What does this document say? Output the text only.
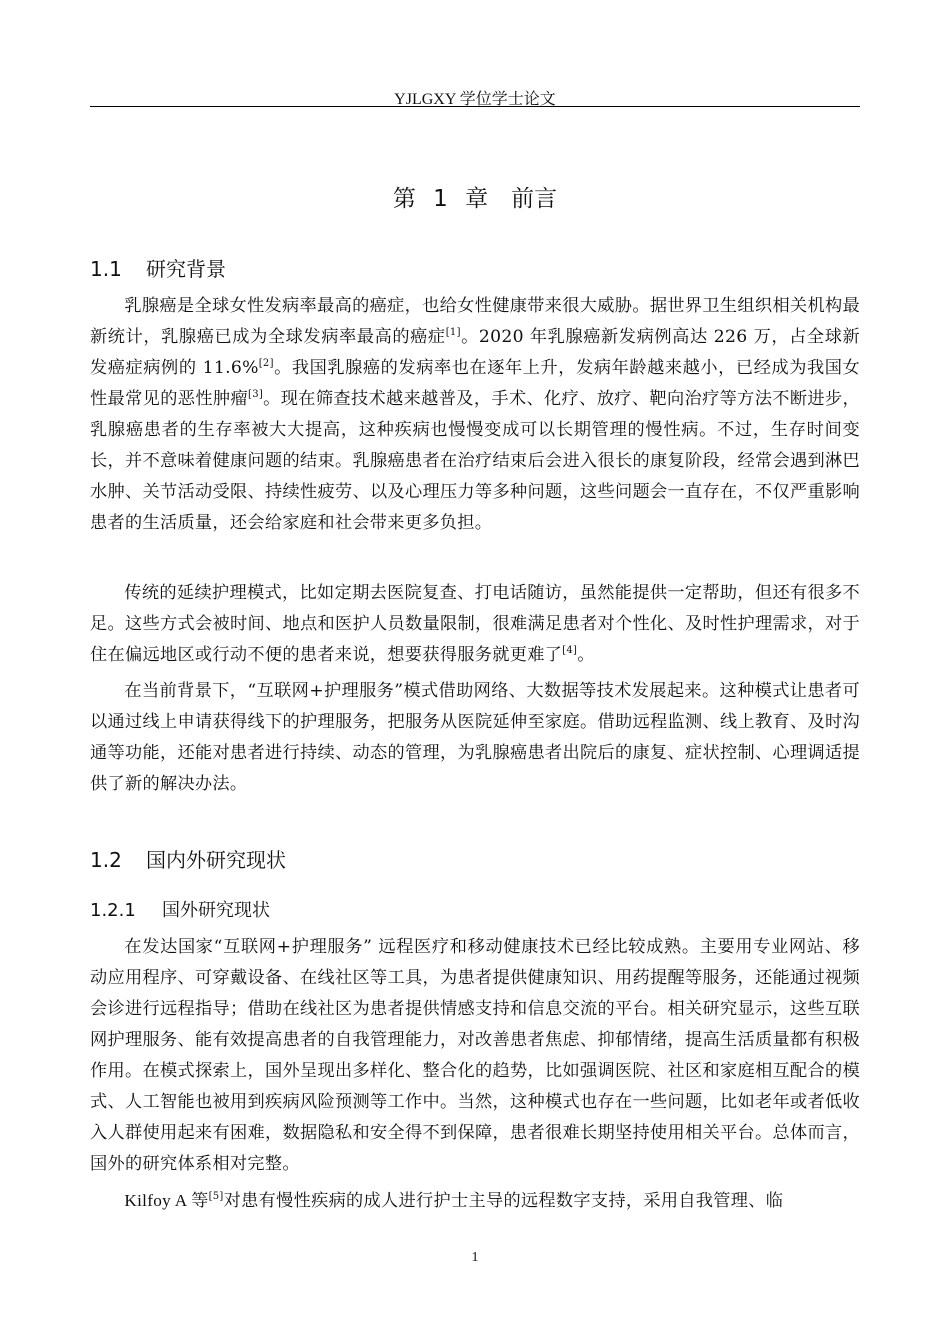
YJLGXY 学位学士论文
第 1 章　前言
1.1 研究背景

乳腺癌是全球女性发病率最高的癌症，也给女性健康带来很大威胁。据世界卫生组织相关机构最新统计，乳腺癌已成为全球发病率最高的癌症[1]。2020 年乳腺癌新发病例高达 226 万，占全球新发癌症病例的 11.6%[2]。我国乳腺癌的发病率也在逐年上升，发病年龄越来越小，已经成为我国女性最常见的恶性肿瘤[3]。现在筛查技术越来越普及，手术、化疗、放疗、靶向治疗等方法不断进步，乳腺癌患者的生存率被大大提高，这种疾病也慢慢变成可以长期管理的慢性病。不过，生存时间变长，并不意味着健康问题的结束。乳腺癌患者在治疗结束后会进入很长的康复阶段，经常会遇到淋巴水肿、关节活动受限、持续性疲劳、以及心理压力等多种问题，这些问题会一直存在，不仅严重影响患者的生活质量，还会给家庭和社会带来更多负担。

传统的延续护理模式，比如定期去医院复查、打电话随访，虽然能提供一定帮助，但还有很多不足。这些方式会被时间、地点和医护人员数量限制，很难满足患者对个性化、及时性护理需求，对于住在偏远地区或行动不便的患者来说，想要获得服务就更难了[4]。

在当前背景下，“互联网+护理服务”模式借助网络、大数据等技术发展起来。这种模式让患者可以通过线上申请获得线下的护理服务，把服务从医院延伸至家庭。借助远程监测、线上教育、及时沟通等功能，还能对患者进行持续、动态的管理，为乳腺癌患者出院后的康复、症状控制、心理调适提供了新的解决办法。

1.2 国内外研究现状
1.2.1 国外研究现状

在发达国家“互联网+护理服务” 远程医疗和移动健康技术已经比较成熟。主要用专业网站、移动应用程序、可穿戴设备、在线社区等工具，为患者提供健康知识、用药提醒等服务，还能通过视频会诊进行远程指导；借助在线社区为患者提供情感支持和信息交流的平台。相关研究显示，这些互联网护理服务、能有效提高患者的自我管理能力，对改善患者焦虑、抑郁情绪，提高生活质量都有积极作用。在模式探索上，国外呈现出多样化、整合化的趋势，比如强调医院、社区和家庭相互配合的模式、人工智能也被用到疾病风险预测等工作中。当然，这种模式也存在一些问题，比如老年或者低收入人群使用起来有困难，数据隐私和安全得不到保障，患者很难长期坚持使用相关平台。总体而言，国外的研究体系相对完整。

Kilfoy A 等[5]对患有慢性疾病的成人进行护士主导的远程数字支持，采用自我管理、临

1
